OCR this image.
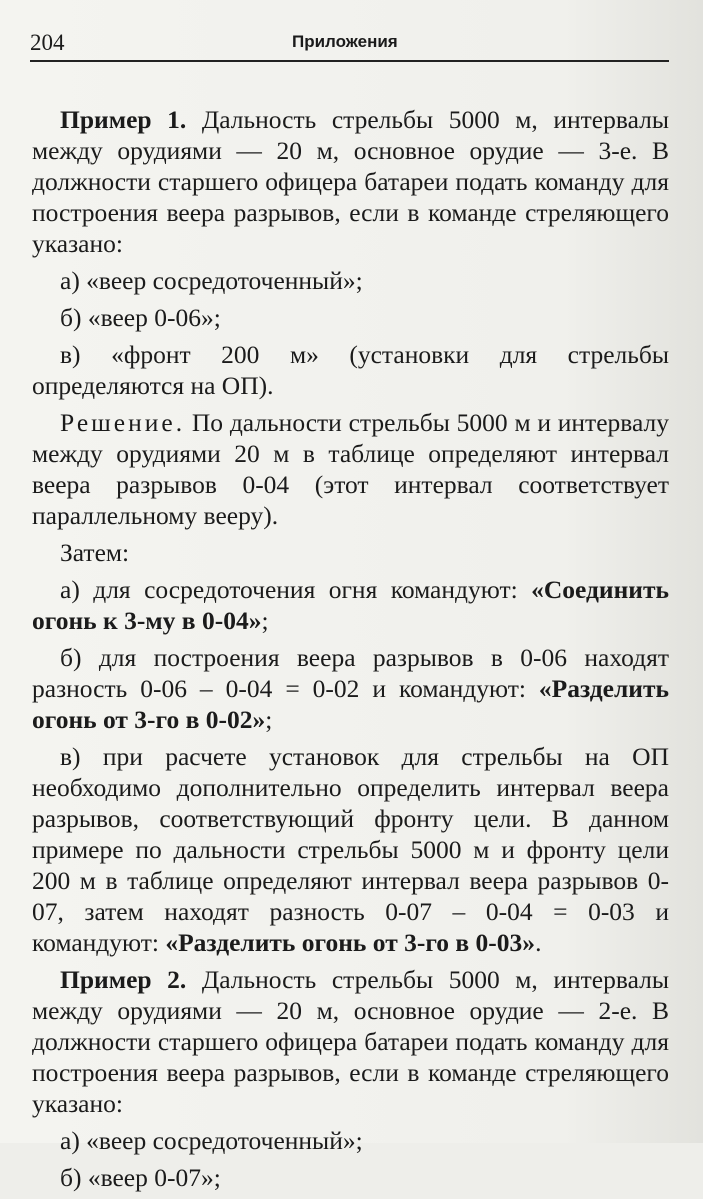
204	Приложения

Пример 1. Дальность стрельбы 5000 м, интервалы между орудиями — 20 м, основное орудие — 3-е. В должности старшего офицера батареи подать команду для построения веера разрывов, если в команде стреляющего указано:

а) «веер сосредоточенный»;

б) «веер 0-06»;

в) «фронт 200 м» (установки для стрельбы определяются на ОП).

Решение. По дальности стрельбы 5000 м и интервалу между орудиями 20 м в таблице определяют интервал веера разрывов 0-04 (этот интервал соответствует параллельному вееру).

Затем:

а) для сосредоточения огня командуют: «Соединить огонь к 3-му в 0-04»;

б) для построения веера разрывов в 0-06 находят разность 0-06 – 0-04 = 0-02 и командуют: «Разделить огонь от 3-го в 0-02»;

в) при расчете установок для стрельбы на ОП необходимо дополнительно определить интервал веера разрывов, соответствующий фронту цели. В данном примере по дальности стрельбы 5000 м и фронту цели 200 м в таблице определяют интервал веера разрывов 0-07, затем находят разность 0-07 – 0-04 = 0-03 и командуют: «Разделить огонь от 3-го в 0-03».

Пример 2. Дальность стрельбы 5000 м, интервалы между орудиями — 20 м, основное орудие — 2-е. В должности старшего офицера батареи подать команду для построения веера разрывов, если в команде стреляющего указано:

а) «веер сосредоточенный»;

б) «веер 0-07»;
